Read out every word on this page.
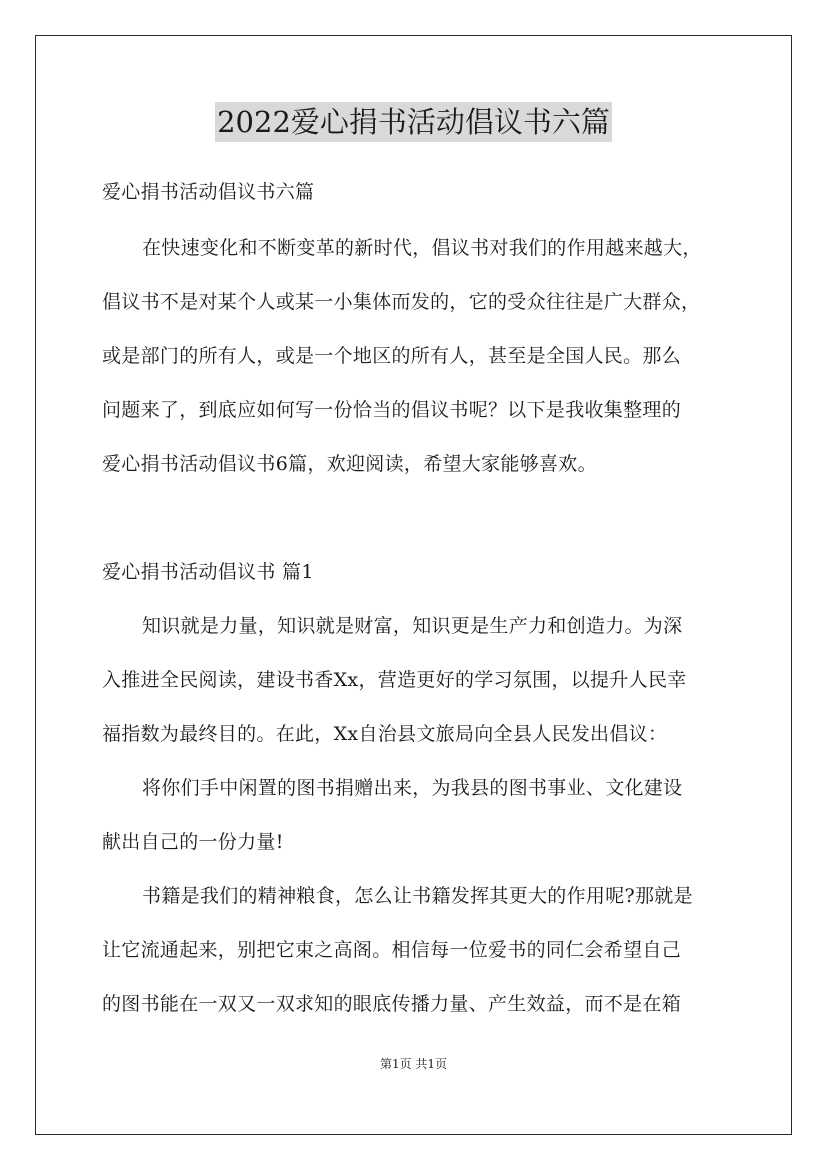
2022爱心捐书活动倡议书六篇
爱心捐书活动倡议书六篇
在快速变化和不断变革的新时代，倡议书对我们的作用越来越大，
倡议书不是对某个人或某一小集体而发的，它的受众往往是广大群众，
或是部门的所有人，或是一个地区的所有人，甚至是全国人民。那么
问题来了，到底应如何写一份恰当的倡议书呢？以下是我收集整理的
爱心捐书活动倡议书6篇，欢迎阅读，希望大家能够喜欢。
爱心捐书活动倡议书 篇1
知识就是力量，知识就是财富，知识更是生产力和创造力。为深
入推进全民阅读，建设书香Xx，营造更好的学习氛围，以提升人民幸
福指数为最终目的。在此，Xx自治县文旅局向全县人民发出倡议：
将你们手中闲置的图书捐赠出来，为我县的图书事业、文化建设
献出自己的一份力量!
书籍是我们的精神粮食，怎么让书籍发挥其更大的作用呢?那就是
让它流通起来，别把它束之高阁。相信每一位爱书的同仁会希望自己
的图书能在一双又一双求知的眼底传播力量、产生效益，而不是在箱
第1页 共1页
